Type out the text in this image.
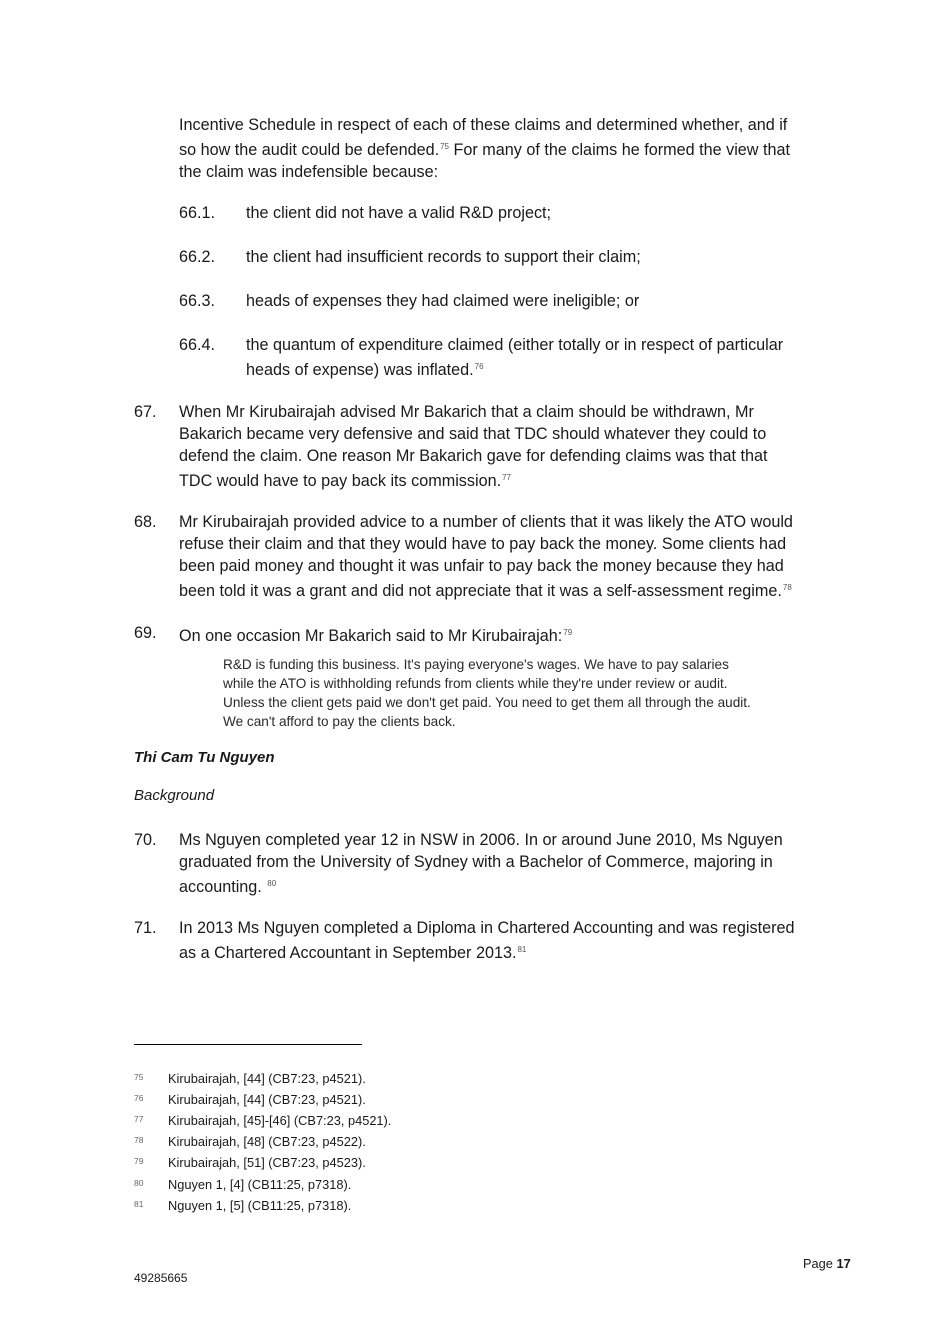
Incentive Schedule in respect of each of these claims and determined whether, and if
so how the audit could be defended.$^{75}$ For many of the claims he formed the view that
the claim was indefensible because:
66.1. the client did not have a valid R&D project;
66.2. the client had insufficient records to support their claim;
66.3. heads of expenses they had claimed were ineligible; or
66.4. the quantum of expenditure claimed (either totally or in respect of particular
heads of expense) was inflated.$^{76}$
67. When Mr Kirubairajah advised Mr Bakarich that a claim should be withdrawn, Mr
Bakarich became very defensive and said that TDC should whatever they could to
defend the claim. One reason Mr Bakarich gave for defending claims was that that
TDC would have to pay back its commission.$^{77}$
68. Mr Kirubairajah provided advice to a number of clients that it was likely the ATO would
refuse their claim and that they would have to pay back the money. Some clients had
been paid money and thought it was unfair to pay back the money because they had
been told it was a grant and did not appreciate that it was a self-assessment regime.$^{78}$
69. On one occasion Mr Bakarich said to Mr Kirubairajah:$^{79}$
R&D is funding this business. It's paying everyone's wages. We have to pay salaries
while the ATO is withholding refunds from clients while they're under review or audit.
Unless the client gets paid we don't get paid. You need to get them all through the audit.
We can't afford to pay the clients back.
Thi Cam Tu Nguyen
Background
70. Ms Nguyen completed year 12 in NSW in 2006. In or around June 2010, Ms Nguyen
graduated from the University of Sydney with a Bachelor of Commerce, majoring in
accounting. $^{80}$
71. In 2013 Ms Nguyen completed a Diploma in Chartered Accounting and was registered
as a Chartered Accountant in September 2013.81
75 Kirubairajah, [44] (CB7:23, p4521).
76 Kirubairajah, [44] (CB7:23, p4521).
77 Kirubairajah, [45]-[46] (CB7:23, p4521).
78 Kirubairajah, [48] (CB7:23, p4522).
79 Kirubairajah, [51] (CB7:23, p4523).
80 Nguyen 1, [4] (CB11:25, p7318).
81 Nguyen 1, [5] (CB11:25, p7318).
Page 17
49285665
